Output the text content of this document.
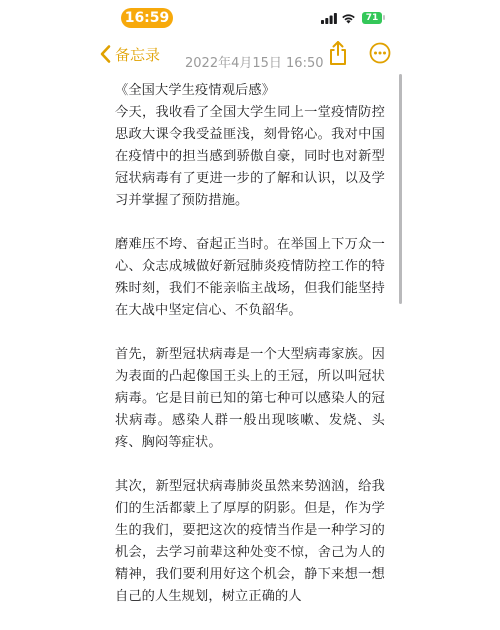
16:59	71
备忘录 2022年4月15日 16:50

《全国大学生疫情观后感》

今天，我收看了全国大学生同上一堂疫情防控思政大课令我受益匪浅，刻骨铭心。我对中国在疫情中的担当感到骄傲自豪，同时也对新型冠状病毒有了更进一步的了解和认识，以及学习并掌握了预防措施。

磨难压不垮、奋起正当时。在举国上下万众一心、众志成城做好新冠肺炎疫情防控工作的特殊时刻，我们不能亲临主战场，但我们能坚持在大战中坚定信心、不负韶华。

首先，新型冠状病毒是一个大型病毒家族。因为表面的凸起像国王头上的王冠，所以叫冠状病毒。它是目前已知的第七种可以感染人的冠状病毒。感染人群一般出现咳嗽、发烧、头疼、胸闷等症状。

其次，新型冠状病毒肺炎虽然来势汹汹，给我们的生活都蒙上了厚厚的阴影。但是，作为学生的我们，要把这次的疫情当作是一种学习的机会，去学习前辈这种处变不惊，舍己为人的精神，我们要利用好这个机会，静下来想一想自己的人生规划，树立正确的人
